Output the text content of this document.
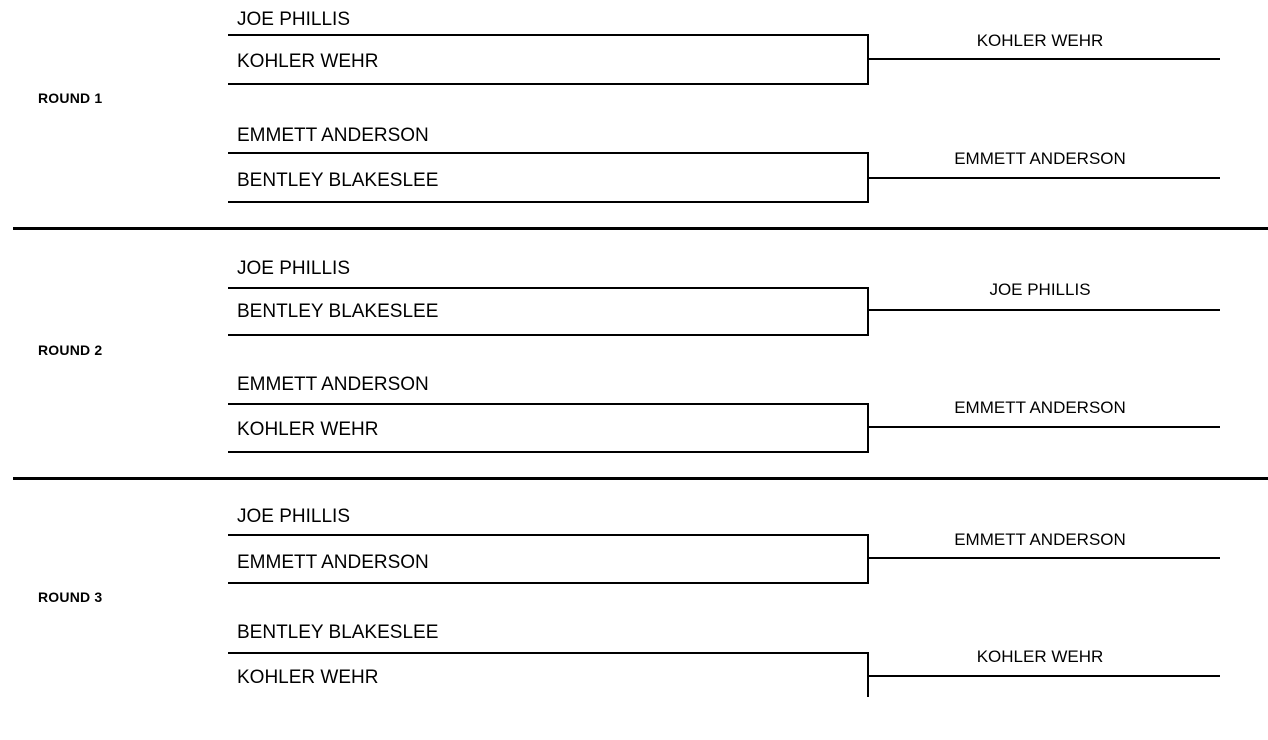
ROUND 1
JOE PHILLIS
KOHLER WEHR
KOHLER WEHR
EMMETT ANDERSON
BENTLEY BLAKESLEE
EMMETT ANDERSON
ROUND 2
JOE PHILLIS
BENTLEY BLAKESLEE
JOE PHILLIS
EMMETT ANDERSON
KOHLER WEHR
EMMETT ANDERSON
ROUND 3
JOE PHILLIS
EMMETT ANDERSON
EMMETT ANDERSON
BENTLEY BLAKESLEE
KOHLER WEHR
KOHLER WEHR
